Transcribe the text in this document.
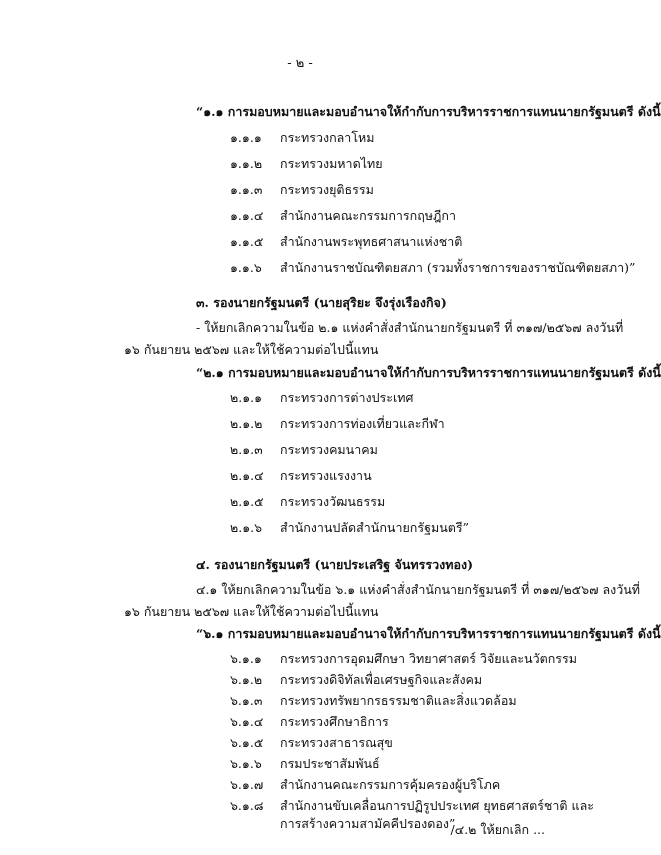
- ๒ -
“๑.๑ การมอบหมายและมอบอำนาจให้กำกับการบริหารราชการแทนนายกรัฐมนตรี ดังนี้
๑.๑.๑ กระทรวงกลาโหม
๑.๑.๒ กระทรวงมหาดไทย
๑.๑.๓ กระทรวงยุติธรรม
๑.๑.๔ สำนักงานคณะกรรมการกฤษฎีกา
๑.๑.๕ สำนักงานพระพุทธศาสนาแห่งชาติ
๑.๑.๖ สำนักงานราชบัณฑิตยสภา (รวมทั้งราชการของราชบัณฑิตยสภา)”
๓. รองนายกรัฐมนตรี (นายสุริยะ จึงรุ่งเรืองกิจ)
- ให้ยกเลิกความในข้อ ๒.๑ แห่งคำสั่งสำนักนายกรัฐมนตรี ที่ ๓๑๗/๒๕๖๗ ลงวันที่
๑๖ กันยายน ๒๕๖๗ และให้ใช้ความต่อไปนี้แทน
“๒.๑ การมอบหมายและมอบอำนาจให้กำกับการบริหารราชการแทนนายกรัฐมนตรี ดังนี้
๒.๑.๑ กระทรวงการต่างประเทศ
๒.๑.๒ กระทรวงการท่องเที่ยวและกีฬา
๒.๑.๓ กระทรวงคมนาคม
๒.๑.๔ กระทรวงแรงงาน
๒.๑.๕ กระทรวงวัฒนธรรม
๒.๑.๖ สำนักงานปลัดสำนักนายกรัฐมนตรี”
๔. รองนายกรัฐมนตรี (นายประเสริฐ จันทรรวงทอง)
๔.๑ ให้ยกเลิกความในข้อ ๖.๑ แห่งคำสั่งสำนักนายกรัฐมนตรี ที่ ๓๑๗/๒๕๖๗ ลงวันที่
๑๖ กันยายน ๒๕๖๗ และให้ใช้ความต่อไปนี้แทน
“๖.๑ การมอบหมายและมอบอำนาจให้กำกับการบริหารราชการแทนนายกรัฐมนตรี ดังนี้
๖.๑.๑ กระทรวงการอุดมศึกษา วิทยาศาสตร์ วิจัยและนวัตกรรม
๖.๑.๒ กระทรวงดิจิทัลเพื่อเศรษฐกิจและสังคม
๖.๑.๓ กระทรวงทรัพยากรธรรมชาติและสิ่งแวดล้อม
๖.๑.๔ กระทรวงศึกษาธิการ
๖.๑.๕ กระทรวงสาธารณสุข
๖.๑.๖ กรมประชาสัมพันธ์
/๔.๒ ให้ยกเลิก ...
๖.๑.๗ สำนักงานคณะกรรมการคุ้มครองผู้บริโภค
๖.๑.๘ สำนักงานขับเคลื่อนการปฏิรูปประเทศ ยุทธศาสตร์ชาติ และ
การสร้างความสามัคคีปรองดอง”
